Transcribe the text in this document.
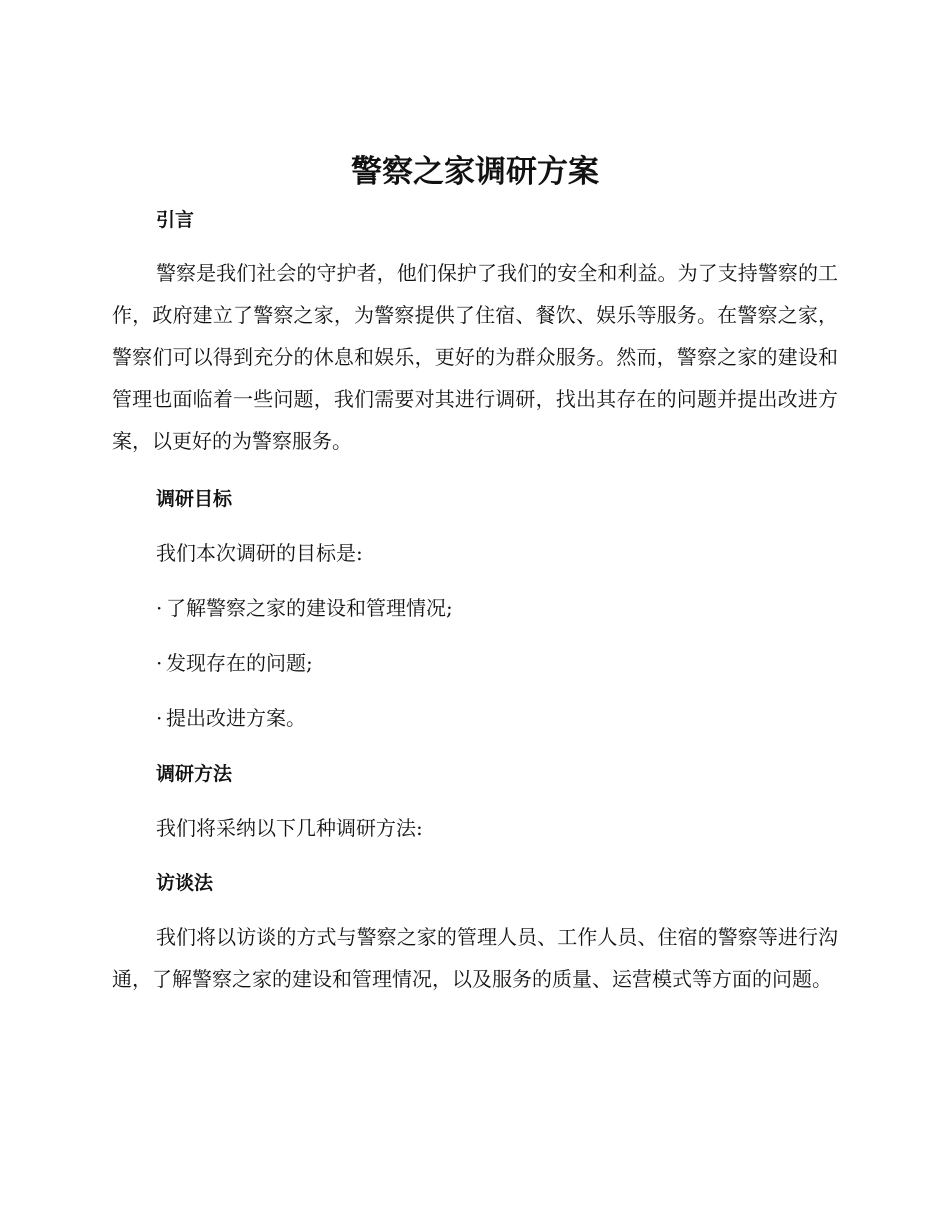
警察之家调研方案
引言

警察是我们社会的守护者，他们保护了我们的安全和利益。为了支持警察的工作，政府建立了警察之家，为警察提供了住宿、餐饮、娱乐等服务。在警察之家，警察们可以得到充分的休息和娱乐，更好的为群众服务。然而，警察之家的建设和管理也面临着一些问题，我们需要对其进行调研，找出其存在的问题并提出改进方案，以更好的为警察服务。

调研目标

我们本次调研的目标是:

· 了解警察之家的建设和管理情况;
· 发现存在的问题;
· 提出改进方案。
调研方法

我们将采纳以下几种调研方法:

访谈法

我们将以访谈的方式与警察之家的管理人员、工作人员、住宿的警察等进行沟通，了解警察之家的建设和管理情况，以及服务的质量、运营模式等方面的问题。
